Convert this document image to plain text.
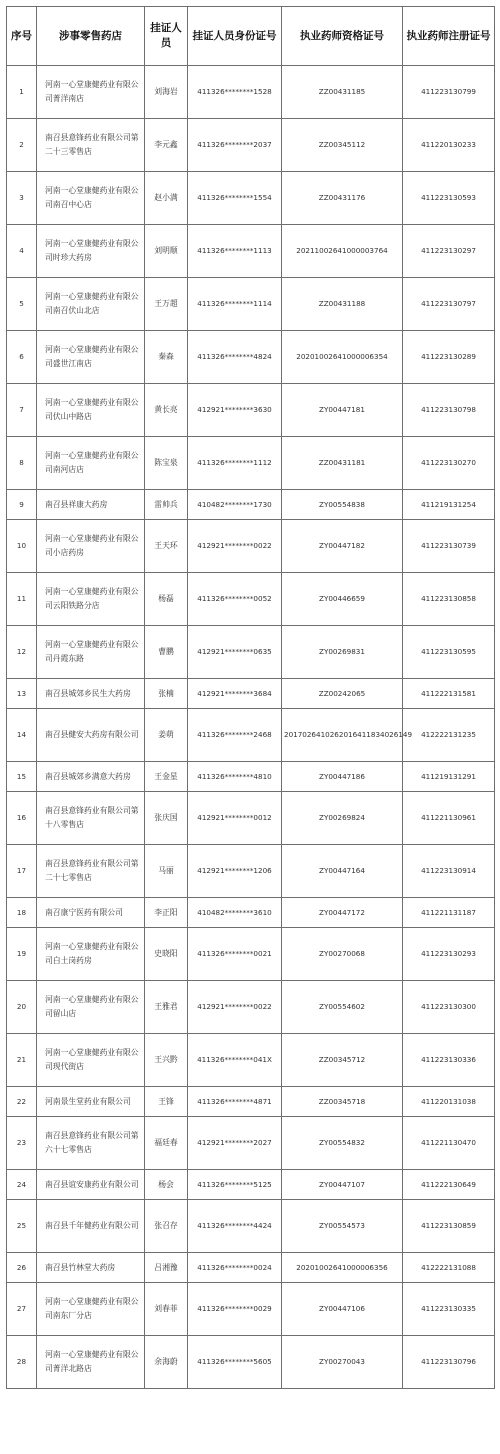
序号	涉事零售药店	挂证人员	挂证人员身份证号	执业药师资格证号	执业药师注册证号
1	河南一心堂康健药业有限公司菁洋南店	刘海岩	411326********1528	ZZ00431185	411223130799
2	南召县意锋药业有限公司第二十三零售店	李元鑫	411326********2037	ZZ00345112	411220130233
3	河南一心堂康健药业有限公司南召中心店	赵小满	411326********1554	ZZ00431176	411223130593
4	河南一心堂康健药业有限公司时珍大药房	刘明顺	411326********1113	20211002641000003764	411223130297
5	河南一心堂康健药业有限公司南召伏山北店	王万超	411326********1114	ZZ00431188	411223130797
6	河南一心堂康健药业有限公司盛世江南店	秦森	411326********4824	20201002641000006354	411223130289
7	河南一心堂康健药业有限公司伏山中路店	黄长亮	412921********3630	ZY00447181	411223130798
8	河南一心堂康健药业有限公司南河店店	陈宝泉	411326********1112	ZZ00431181	411223130270
9	南召县祥康大药房	雷帅兵	410482********1730	ZY00554838	411219131254
10	河南一心堂康健药业有限公司小店药房	王天环	412921********0022	ZY00447182	411223130739
11	河南一心堂康健药业有限公司云阳铁路分店	杨磊	411326********0052	ZY00446659	411223130858
12	河南一心堂康健药业有限公司丹霞东路	曹鹏	412921********0635	ZY00269831	411223130595
13	南召县城郊乡民生大药房	张楠	412921********3684	ZZ00242065	411222131581
14	南召县健安大药房有限公司	姜萌	411326********2468	2017026410262016411834026149	412222131235
15	南召县城郊乡满意大药房	王金星	411326********4810	ZY00447186	411219131291
16	南召县意锋药业有限公司第十八零售店	张庆国	412921********0012	ZY00269824	411221130961
17	南召县意锋药业有限公司第二十七零售店	马丽	412921********1206	ZY00447164	411223130914
18	南召康宁医药有限公司	李正阳	410482********3610	ZY00447172	411221131187
19	河南一心堂康健药业有限公司白土岗药房	史晓阳	411326********0021	ZY00270068	411223130293
20	河南一心堂康健药业有限公司留山店	王雅君	412921********0022	ZY00554602	411223130300
21	河南一心堂康健药业有限公司现代街店	王兴黔	411326********041X	ZZ00345712	411223130336
22	河南景生堂药业有限公司	王锋	411326********4871	ZZ00345718	411220131038
23	南召县意锋药业有限公司第六十七零售店	福廷春	412921********2027	ZY00554832	411221130470
24	南召县谊安康药业有限公司	杨会	411326********5125	ZY00447107	411222130649
25	南召县千年健药业有限公司	张召存	411326********4424	ZY00554573	411223130859
26	南召县竹林堂大药房	吕湘豫	411326********0024	20201002641000006356	412222131088
27	河南一心堂康健药业有限公司南东厂分店	刘春菲	411326********0029	ZY00447106	411223130335
28	河南一心堂康健药业有限公司菁洋北路店	余海蔚	411326********5605	ZY00270043	411223130796
